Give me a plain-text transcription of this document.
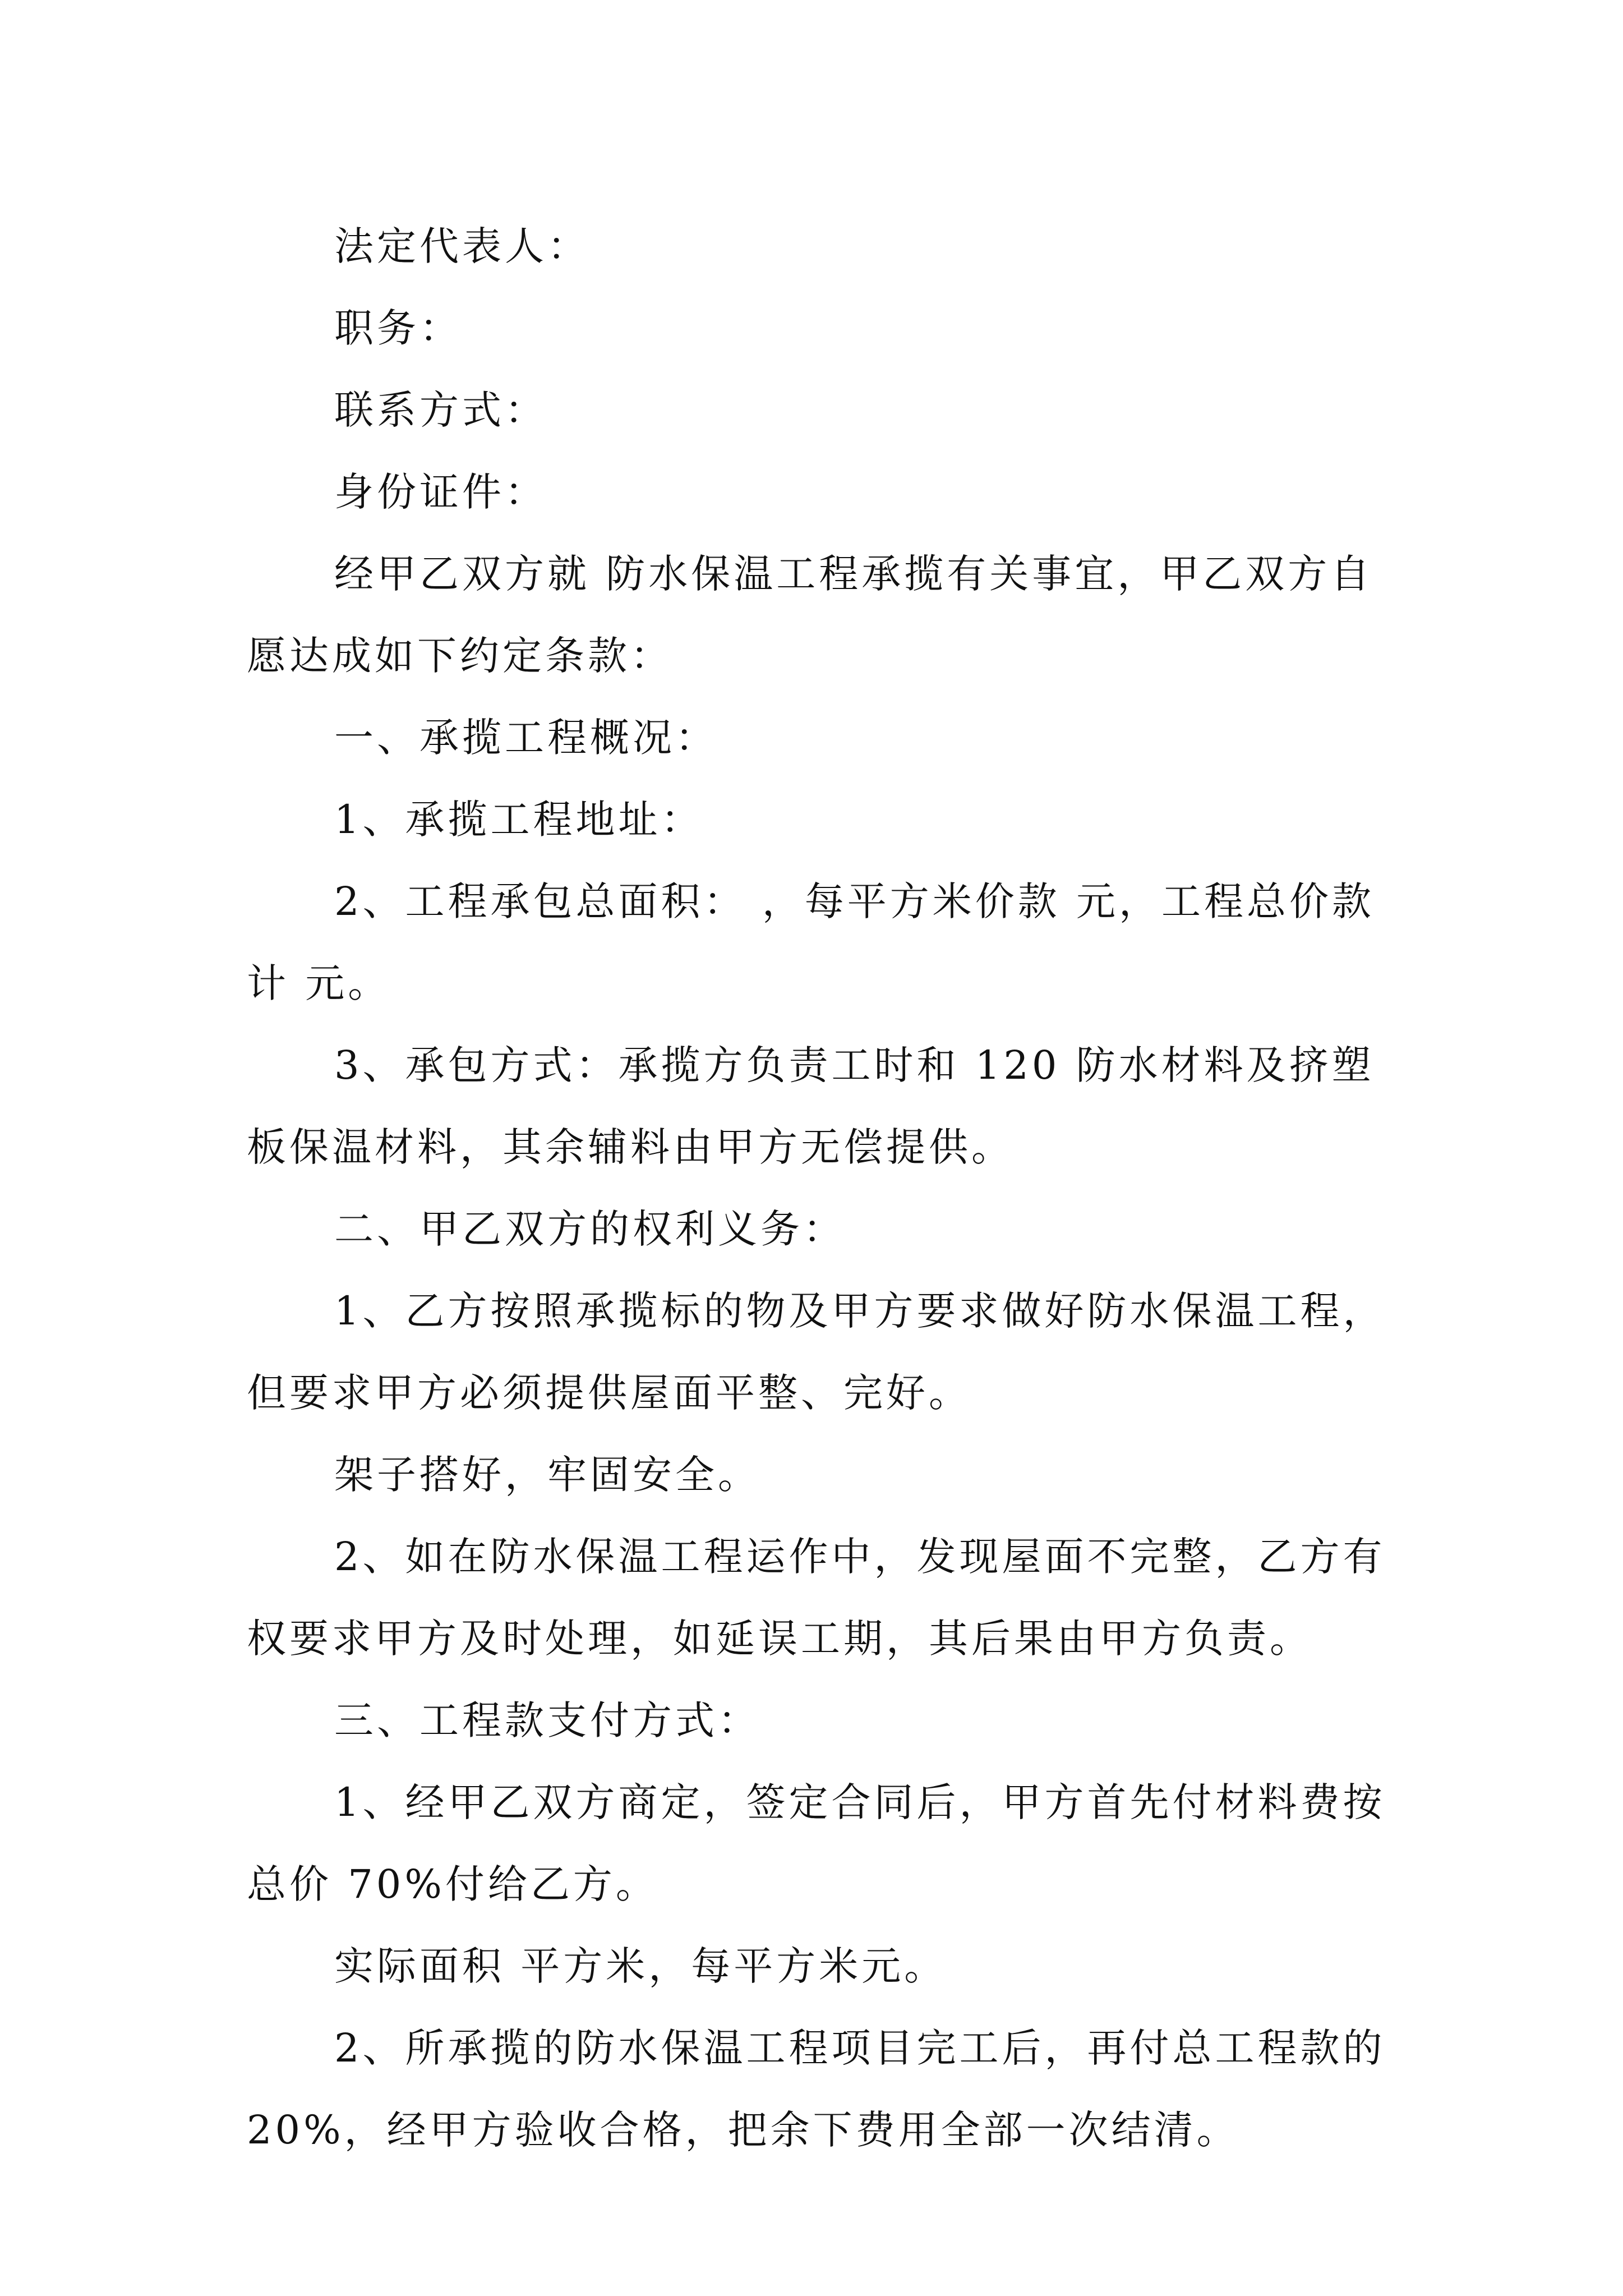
法定代表人：

职务：

联系方式：

身份证件：

经甲乙双方就 防水保温工程承揽有关事宜，甲乙双方自愿达成如下约定条款：

一、承揽工程概况：

1、承揽工程地址：

2、工程承包总面积： ，每平方米价款 元，工程总价款计 元。

3、承包方式：承揽方负责工时和 120 防水材料及挤塑板保温材料，其余辅料由甲方无偿提供。

二、甲乙双方的权利义务：

1、乙方按照承揽标的物及甲方要求做好防水保温工程，但要求甲方必须提供屋面平整、完好。

架子搭好，牢固安全。

2、如在防水保温工程运作中，发现屋面不完整，乙方有权要求甲方及时处理，如延误工期，其后果由甲方负责。

三、工程款支付方式：

1、经甲乙双方商定，签定合同后，甲方首先付材料费按总价 70%付给乙方。

实际面积 平方米，每平方米元。

2、所承揽的防水保温工程项目完工后，再付总工程款的 20%，经甲方验收合格，把余下费用全部一次结清。
